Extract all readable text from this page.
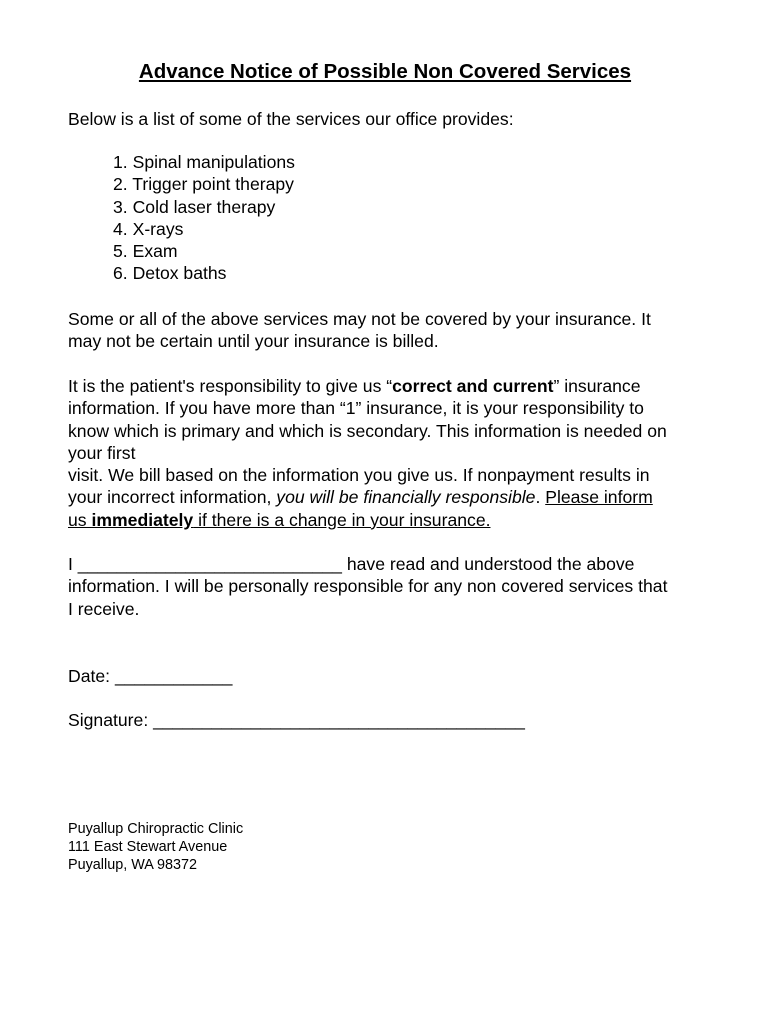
Advance Notice of Possible Non Covered Services
Below is a list of some of the services our office provides:
1. Spinal manipulations
2. Trigger point therapy
3. Cold laser therapy
4. X-rays
5. Exam
6. Detox baths
Some or all of the above services may not be covered by your insurance. It
may not be certain until your insurance is billed.
It is the patient's responsibility to give us “correct and current” insurance
information. If you have more than “1” insurance, it is your responsibility to
know which is primary and which is secondary. This information is needed on
your first
visit. We bill based on the information you give us. If nonpayment results in
your incorrect information, you will be financially responsible. Please inform
us immediately if there is a change in your insurance.
I ___________________________ have read and understood the above
information. I will be personally responsible for any non covered services that
I receive.
Date: ____________
Signature: ______________________________________
Puyallup Chiropractic Clinic
111 East Stewart Avenue
Puyallup, WA 98372
